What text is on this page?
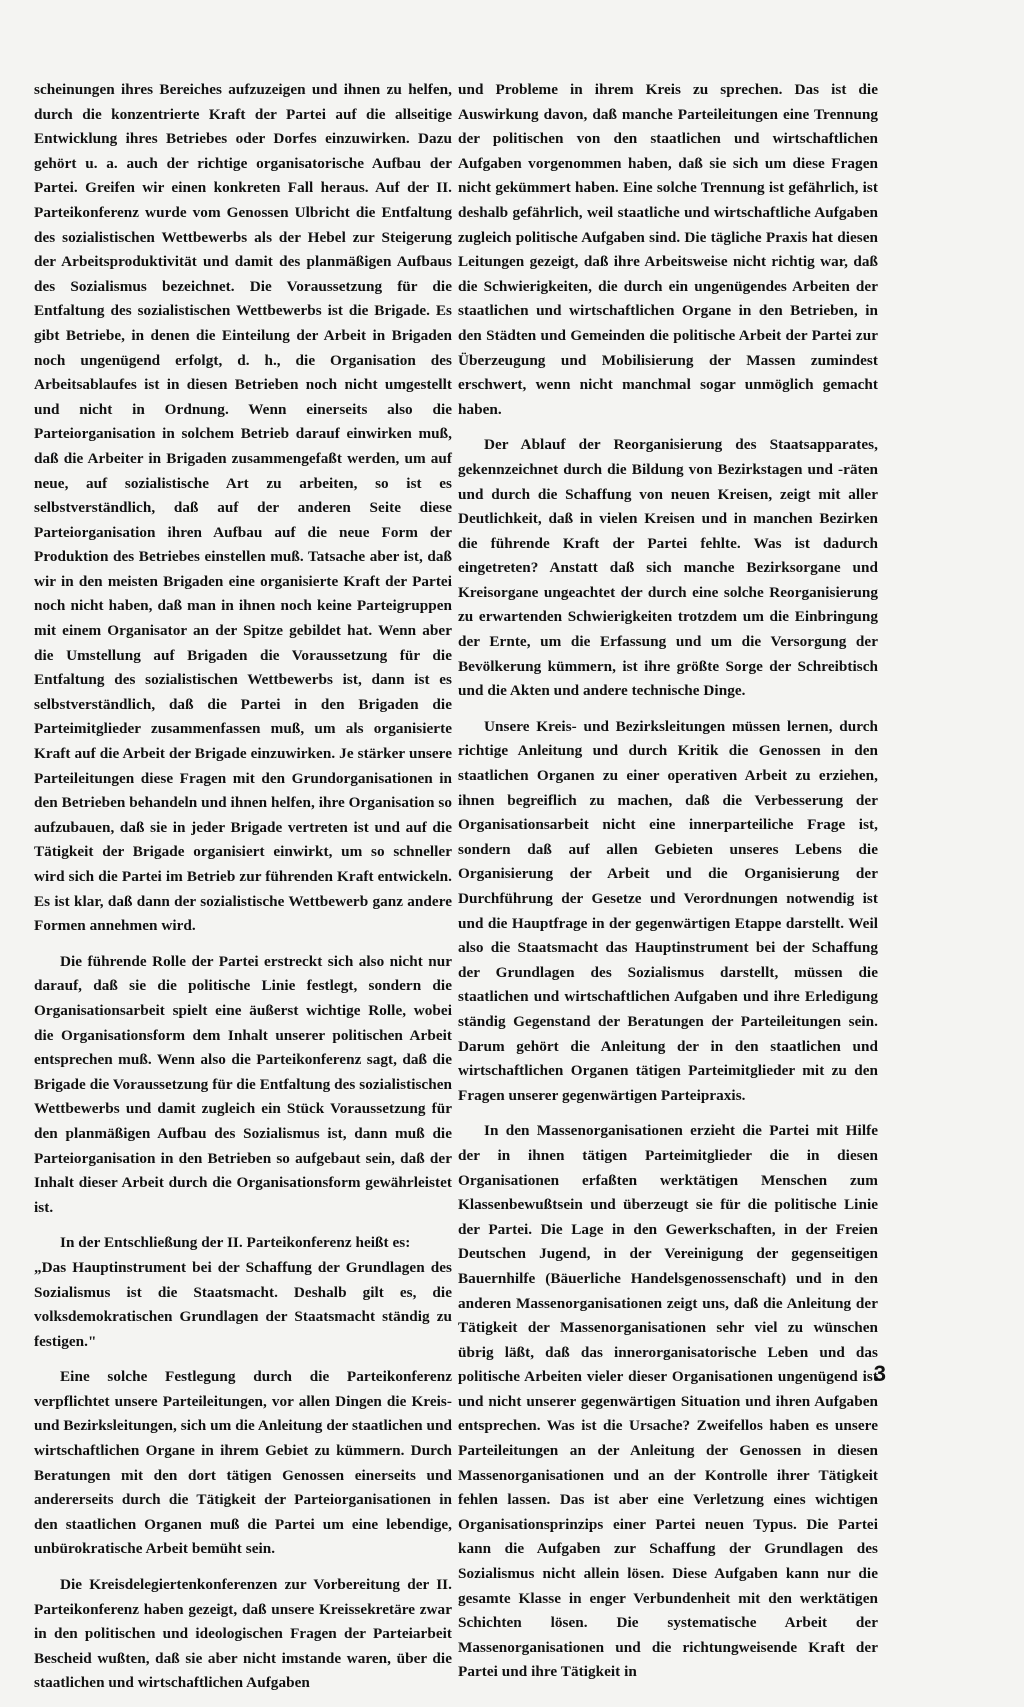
scheinungen ihres Bereiches aufzuzeigen und ihnen zu helfen, durch die konzentrierte Kraft der Partei auf die allseitige Entwicklung ihres Betriebes oder Dorfes einzuwirken. Dazu gehört u. a. auch der richtige organisatorische Aufbau der Partei. Greifen wir einen konkreten Fall heraus. Auf der II. Parteikonferenz wurde vom Genossen Ulbricht die Entfaltung des sozialistischen Wettbewerbs als der Hebel zur Steigerung der Arbeitsproduktivität und damit des planmäßigen Aufbaus des Sozialismus bezeichnet. Die Voraussetzung für die Entfaltung des sozialistischen Wettbewerbs ist die Brigade. Es gibt Betriebe, in denen die Einteilung der Arbeit in Brigaden noch ungenügend erfolgt, d. h., die Organisation des Arbeitsablaufes ist in diesen Betrieben noch nicht umgestellt und nicht in Ordnung. Wenn einerseits also die Parteiorganisation in solchem Betrieb darauf einwirken muß, daß die Arbeiter in Brigaden zusammengefaßt werden, um auf neue, auf sozialistische Art zu arbeiten, so ist es selbstverständlich, daß auf der anderen Seite diese Parteiorganisation ihren Aufbau auf die neue Form der Produktion des Betriebes einstellen muß. Tatsache aber ist, daß wir in den meisten Brigaden eine organisierte Kraft der Partei noch nicht haben, daß man in ihnen noch keine Parteigruppen mit einem Organisator an der Spitze gebildet hat. Wenn aber die Umstellung auf Brigaden die Voraussetzung für die Entfaltung des sozialistischen Wettbewerbs ist, dann ist es selbstverständlich, daß die Partei in den Brigaden die Parteimitglieder zusammenfassen muß, um als organisierte Kraft auf die Arbeit der Brigade einzuwirken. Je stärker unsere Parteileitungen diese Fragen mit den Grundorganisationen in den Betrieben behandeln und ihnen helfen, ihre Organisation so aufzubauen, daß sie in jeder Brigade vertreten ist und auf die Tätigkeit der Brigade organisiert einwirkt, um so schneller wird sich die Partei im Betrieb zur führenden Kraft entwickeln. Es ist klar, daß dann der sozialistische Wettbewerb ganz andere Formen annehmen wird.

Die führende Rolle der Partei erstreckt sich also nicht nur darauf, daß sie die politische Linie festlegt, sondern die Organisationsarbeit spielt eine äußerst wichtige Rolle, wobei die Organisationsform dem Inhalt unserer politischen Arbeit entsprechen muß. Wenn also die Parteikonferenz sagt, daß die Brigade die Voraussetzung für die Entfaltung des sozialistischen Wettbewerbs und damit zugleich ein Stück Voraussetzung für den planmäßigen Aufbau des Sozialismus ist, dann muß die Parteiorganisation in den Betrieben so aufgebaut sein, daß der Inhalt dieser Arbeit durch die Organisationsform gewährleistet ist.

In der Entschließung der II. Parteikonferenz heißt es:

„Das Hauptinstrument bei der Schaffung der Grundlagen des Sozialismus ist die Staatsmacht. Deshalb gilt es, die volksdemokratischen Grundlagen der Staatsmacht ständig zu festigen."

Eine solche Festlegung durch die Parteikonferenz verpflichtet unsere Parteileitungen, vor allen Dingen die Kreis- und Bezirksleitungen, sich um die Anleitung der staatlichen und wirtschaftlichen Organe in ihrem Gebiet zu kümmern. Durch Beratungen mit den dort tätigen Genossen einerseits und andererseits durch die Tätigkeit der Parteiorganisationen in den staatlichen Organen muß die Partei um eine lebendige, unbürokratische Arbeit bemüht sein.

Die Kreisdelegiertenkonferenzen zur Vorbereitung der II. Parteikonferenz haben gezeigt, daß unsere Kreissekretäre zwar in den politischen und ideologischen Fragen der Parteiarbeit Bescheid wußten, daß sie aber nicht imstande waren, über die staatlichen und wirtschaftlichen Aufgaben

und Probleme in ihrem Kreis zu sprechen. Das ist die Auswirkung davon, daß manche Parteileitungen eine Trennung der politischen von den staatlichen und wirtschaftlichen Aufgaben vorgenommen haben, daß sie sich um diese Fragen nicht gekümmert haben. Eine solche Trennung ist gefährlich, ist deshalb gefährlich, weil staatliche und wirtschaftliche Aufgaben zugleich politische Aufgaben sind. Die tägliche Praxis hat diesen Leitungen gezeigt, daß ihre Arbeitsweise nicht richtig war, daß die Schwierigkeiten, die durch ein ungenügendes Arbeiten der staatlichen und wirtschaftlichen Organe in den Betrieben, in den Städten und Gemeinden die politische Arbeit der Partei zur Überzeugung und Mobilisierung der Massen zumindest erschwert, wenn nicht manchmal sogar unmöglich gemacht haben.

Der Ablauf der Reorganisierung des Staatsapparates, gekennzeichnet durch die Bildung von Bezirkstagen und -räten und durch die Schaffung von neuen Kreisen, zeigt mit aller Deutlichkeit, daß in vielen Kreisen und in manchen Bezirken die führende Kraft der Partei fehlte. Was ist dadurch eingetreten? Anstatt daß sich manche Bezirksorgane und Kreisorgane ungeachtet der durch eine solche Reorganisierung zu erwartenden Schwierigkeiten trotzdem um die Einbringung der Ernte, um die Erfassung und um die Versorgung der Bevölkerung kümmern, ist ihre größte Sorge der Schreibtisch und die Akten und andere technische Dinge.

Unsere Kreis- und Bezirksleitungen müssen lernen, durch richtige Anleitung und durch Kritik die Genossen in den staatlichen Organen zu einer operativen Arbeit zu erziehen, ihnen begreiflich zu machen, daß die Verbesserung der Organisationsarbeit nicht eine innerparteiliche Frage ist, sondern daß auf allen Gebieten unseres Lebens die Organisierung der Arbeit und die Organisierung der Durchführung der Gesetze und Verordnungen notwendig ist und die Hauptfrage in der gegenwärtigen Etappe darstellt. Weil also die Staatsmacht das Hauptinstrument bei der Schaffung der Grundlagen des Sozialismus darstellt, müssen die staatlichen und wirtschaftlichen Aufgaben und ihre Erledigung ständig Gegenstand der Beratungen der Parteileitungen sein. Darum gehört die Anleitung der in den staatlichen und wirtschaftlichen Organen tätigen Parteimitglieder mit zu den Fragen unserer gegenwärtigen Parteipraxis.

In den Massenorganisationen erzieht die Partei mit Hilfe der in ihnen tätigen Parteimitglieder die in diesen Organisationen erfaßten werktätigen Menschen zum Klassenbewußtsein und überzeugt sie für die politische Linie der Partei. Die Lage in den Gewerkschaften, in der Freien Deutschen Jugend, in der Vereinigung der gegenseitigen Bauernhilfe (Bäuerliche Handelsgenossenschaft) und in den anderen Massenorganisationen zeigt uns, daß die Anleitung der Tätigkeit der Massenorganisationen sehr viel zu wünschen übrig läßt, daß das innerorganisatorische Leben und das politische Arbeiten vieler dieser Organisationen ungenügend ist und nicht unserer gegenwärtigen Situation und ihren Aufgaben entsprechen. Was ist die Ursache? Zweifellos haben es unsere Parteileitungen an der Anleitung der Genossen in diesen Massenorganisationen und an der Kontrolle ihrer Tätigkeit fehlen lassen. Das ist aber eine Verletzung eines wichtigen Organisationsprinzips einer Partei neuen Typus. Die Partei kann die Aufgaben zur Schaffung der Grundlagen des Sozialismus nicht allein lösen. Diese Aufgaben kann nur die gesamte Klasse in enger Verbundenheit mit den werktätigen Schichten lösen. Die systematische Arbeit der Massenorganisationen und die richtungweisende Kraft der Partei und ihre Tätigkeit in

3
